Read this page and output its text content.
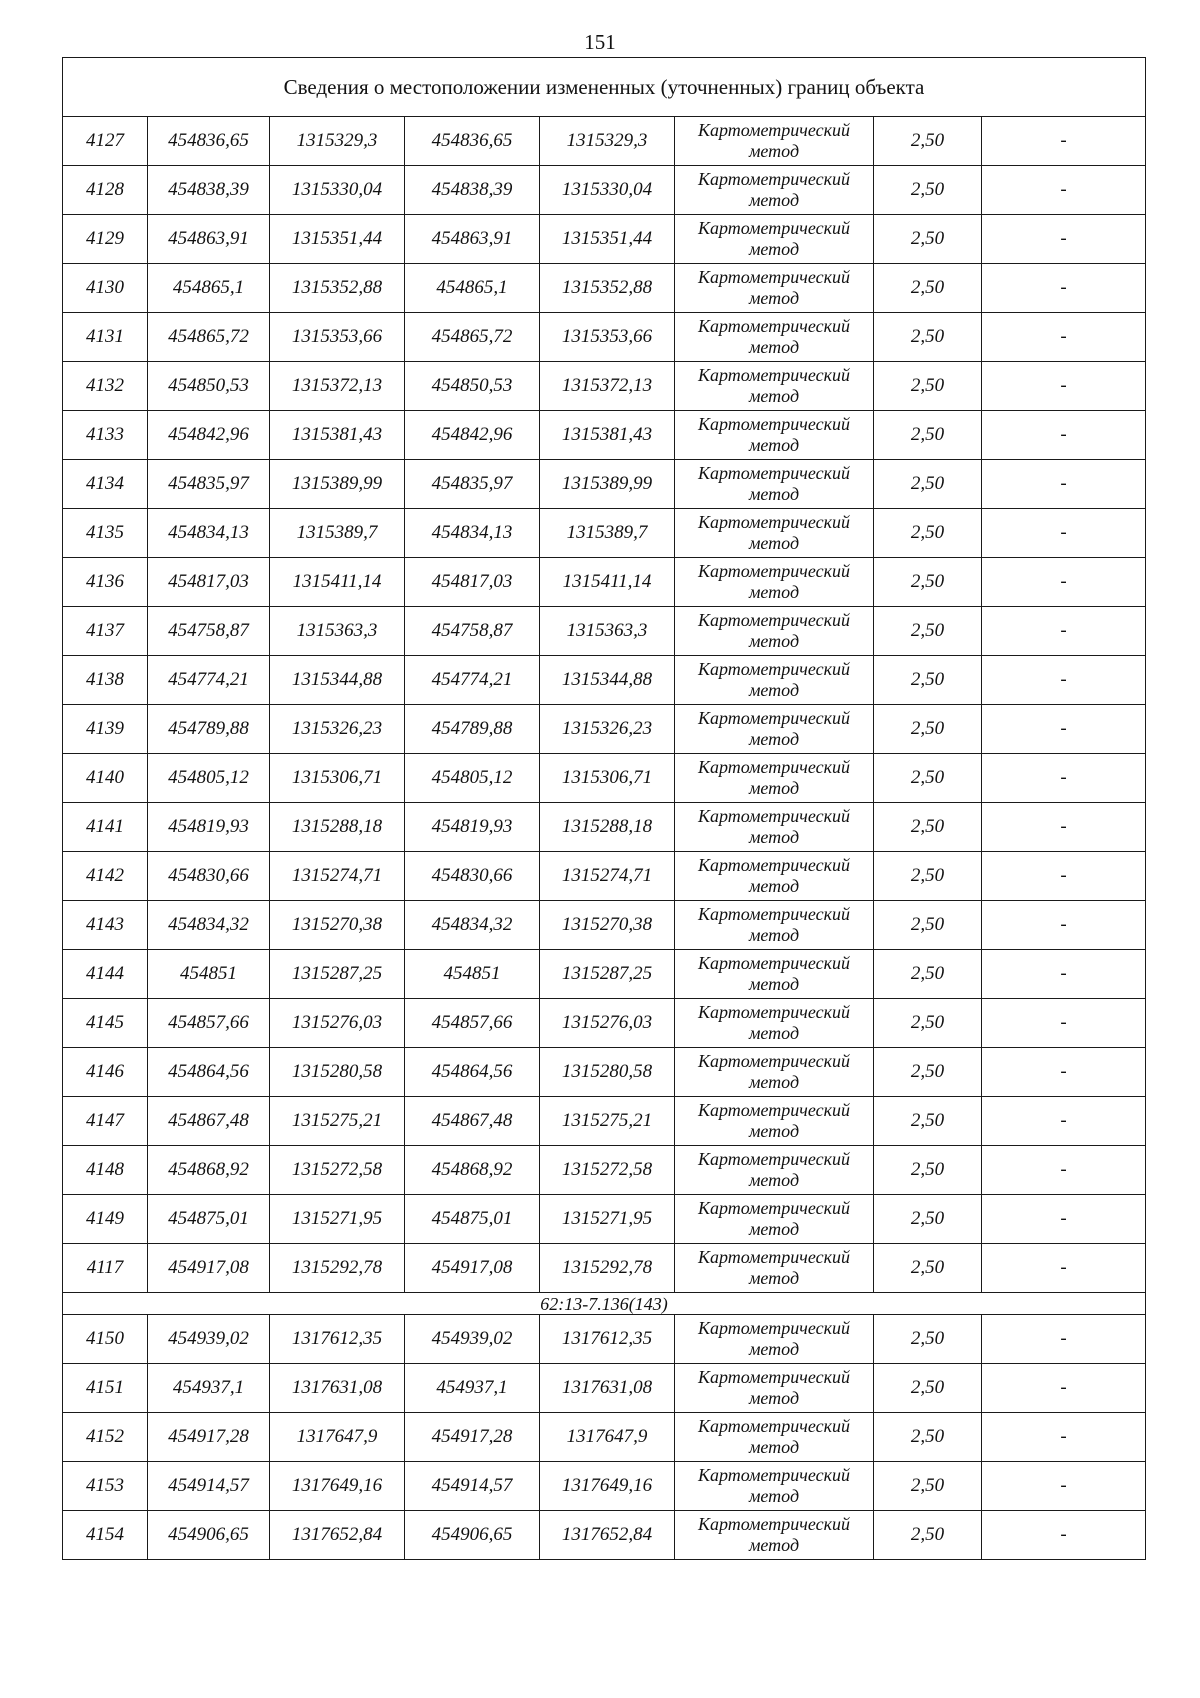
151
Сведения о местоположении измененных (уточненных) границ объекта							
4127	454836,65	1315329,3	454836,65	1315329,3	Картометрический метод	2,50	-
4128	454838,39	1315330,04	454838,39	1315330,04	Картометрический метод	2,50	-
4129	454863,91	1315351,44	454863,91	1315351,44	Картометрический метод	2,50	-
4130	454865,1	1315352,88	454865,1	1315352,88	Картометрический метод	2,50	-
4131	454865,72	1315353,66	454865,72	1315353,66	Картометрический метод	2,50	-
4132	454850,53	1315372,13	454850,53	1315372,13	Картометрический метод	2,50	-
4133	454842,96	1315381,43	454842,96	1315381,43	Картометрический метод	2,50	-
4134	454835,97	1315389,99	454835,97	1315389,99	Картометрический метод	2,50	-
4135	454834,13	1315389,7	454834,13	1315389,7	Картометрический метод	2,50	-
4136	454817,03	1315411,14	454817,03	1315411,14	Картометрический метод	2,50	-
4137	454758,87	1315363,3	454758,87	1315363,3	Картометрический метод	2,50	-
4138	454774,21	1315344,88	454774,21	1315344,88	Картометрический метод	2,50	-
4139	454789,88	1315326,23	454789,88	1315326,23	Картометрический метод	2,50	-
4140	454805,12	1315306,71	454805,12	1315306,71	Картометрический метод	2,50	-
4141	454819,93	1315288,18	454819,93	1315288,18	Картометрический метод	2,50	-
4142	454830,66	1315274,71	454830,66	1315274,71	Картометрический метод	2,50	-
4143	454834,32	1315270,38	454834,32	1315270,38	Картометрический метод	2,50	-
4144	454851	1315287,25	454851	1315287,25	Картометрический метод	2,50	-
4145	454857,66	1315276,03	454857,66	1315276,03	Картометрический метод	2,50	-
4146	454864,56	1315280,58	454864,56	1315280,58	Картометрический метод	2,50	-
4147	454867,48	1315275,21	454867,48	1315275,21	Картометрический метод	2,50	-
4148	454868,92	1315272,58	454868,92	1315272,58	Картометрический метод	2,50	-
4149	454875,01	1315271,95	454875,01	1315271,95	Картометрический метод	2,50	-
4117	454917,08	1315292,78	454917,08	1315292,78	Картометрический метод	2,50	-
62:13-7.136(143)							
4150	454939,02	1317612,35	454939,02	1317612,35	Картометрический метод	2,50	-
4151	454937,1	1317631,08	454937,1	1317631,08	Картометрический метод	2,50	-
4152	454917,28	1317647,9	454917,28	1317647,9	Картометрический метод	2,50	-
4153	454914,57	1317649,16	454914,57	1317649,16	Картометрический метод	2,50	-
4154	454906,65	1317652,84	454906,65	1317652,84	Картометрический метод	2,50	-
